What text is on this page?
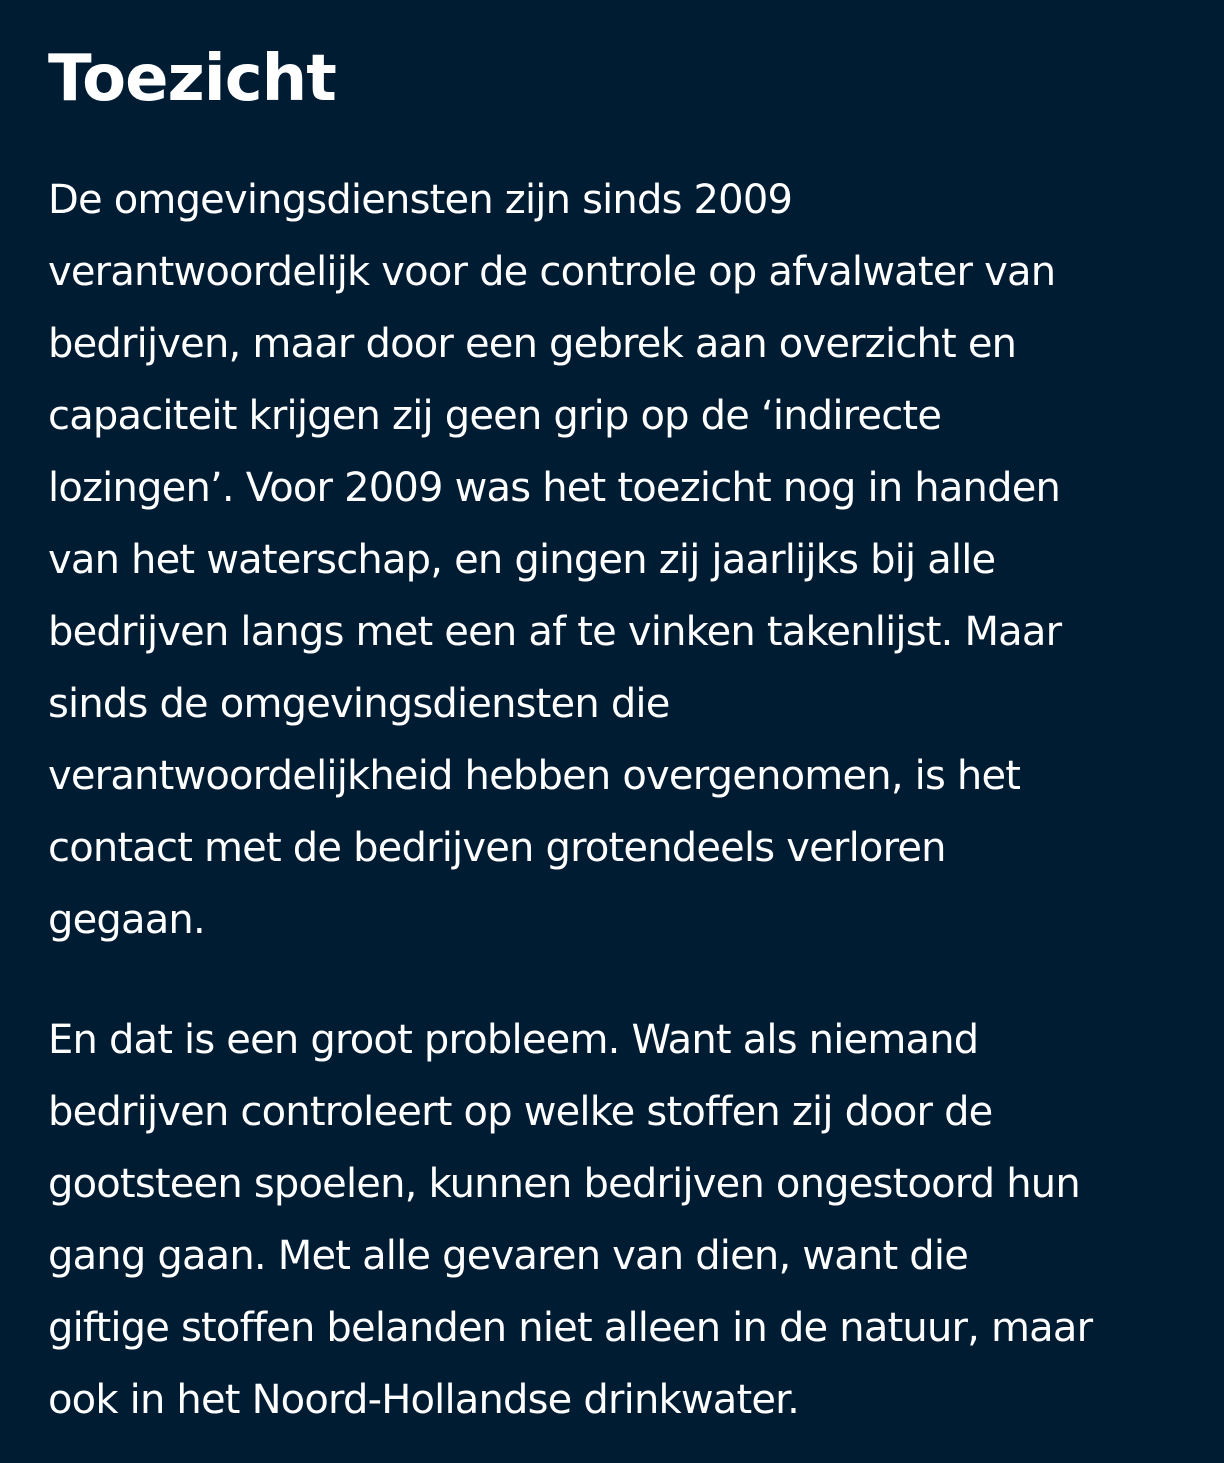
Toezicht

De omgevingsdiensten zijn sinds 2009
verantwoordelijk voor de controle op afvalwater van
bedrijven, maar door een gebrek aan overzicht en
capaciteit krijgen zij geen grip op de ‘indirecte
lozingen’. Voor 2009 was het toezicht nog in handen
van het waterschap, en gingen zij jaarlijks bij alle
bedrijven langs met een af te vinken takenlijst. Maar
sinds de omgevingsdiensten die
verantwoordelijkheid hebben overgenomen, is het
contact met de bedrijven grotendeels verloren
gegaan.

En dat is een groot probleem. Want als niemand
bedrijven controleert op welke stoffen zij door de
gootsteen spoelen, kunnen bedrijven ongestoord hun
gang gaan. Met alle gevaren van dien, want die
giftige stoffen belanden niet alleen in de natuur, maar
ook in het Noord-Hollandse drinkwater.
